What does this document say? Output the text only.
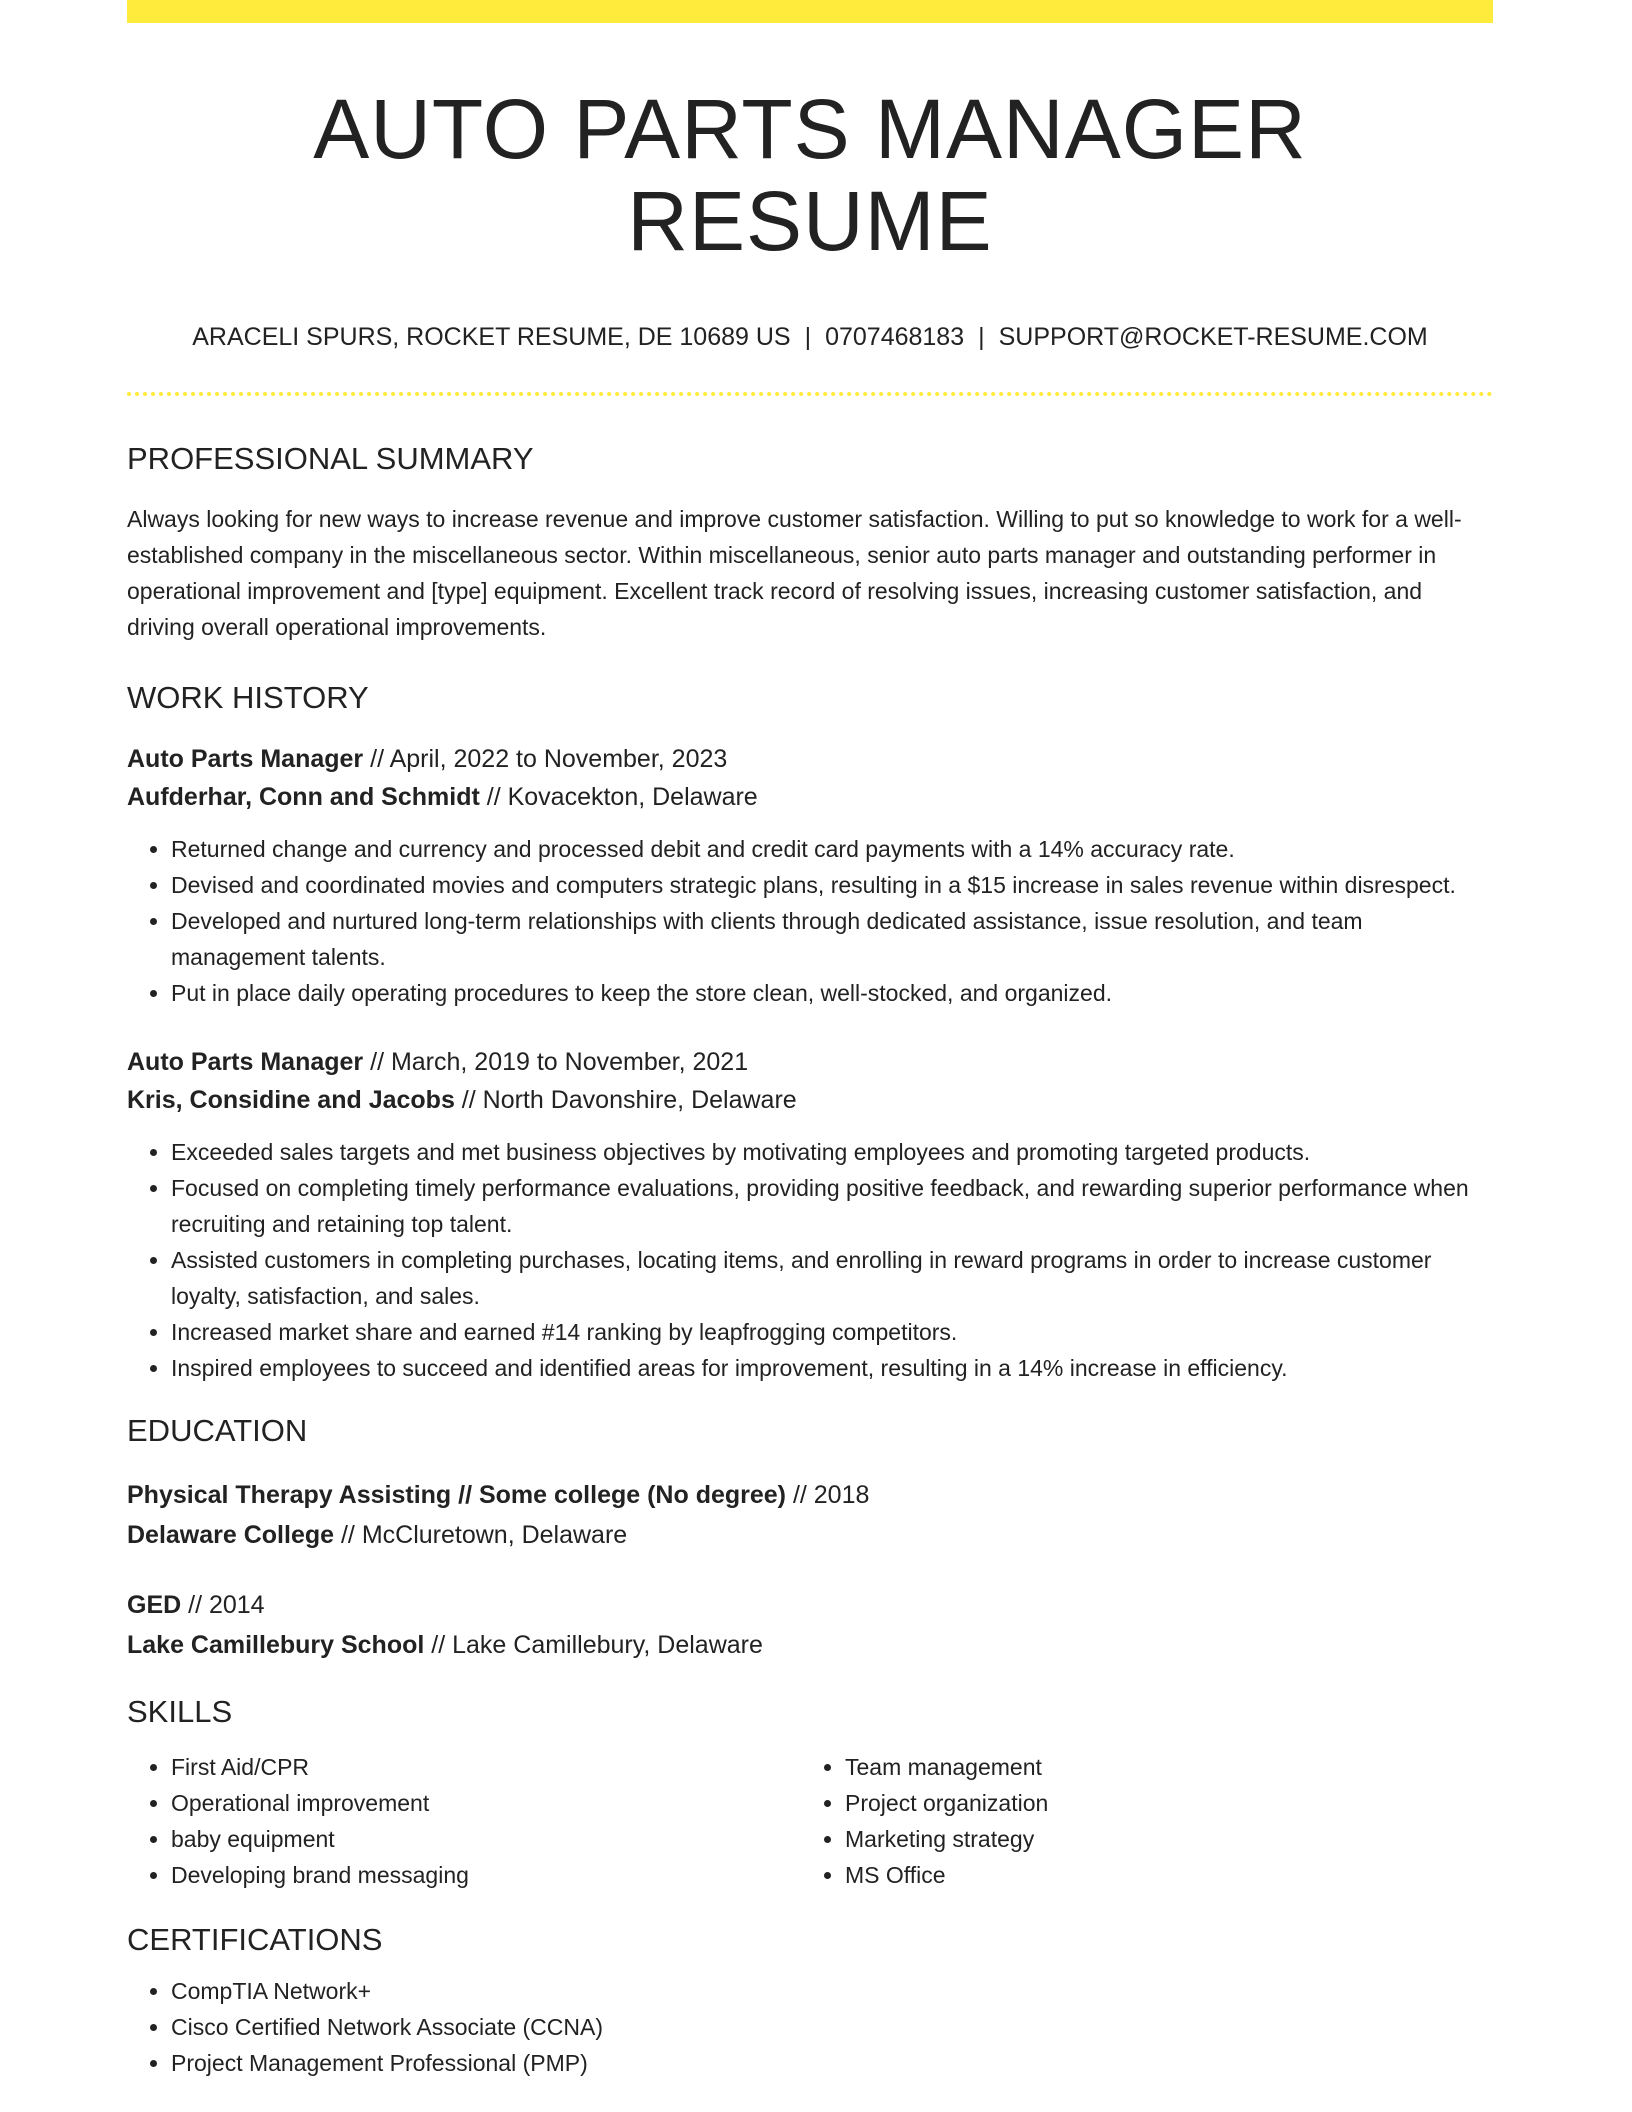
AUTO PARTS MANAGER RESUME
ARACELI SPURS, ROCKET RESUME, DE 10689 US | 0707468183 | SUPPORT@ROCKET-RESUME.COM
PROFESSIONAL SUMMARY
Always looking for new ways to increase revenue and improve customer satisfaction. Willing to put so knowledge to work for a well-established company in the miscellaneous sector. Within miscellaneous, senior auto parts manager and outstanding performer in operational improvement and [type] equipment. Excellent track record of resolving issues, increasing customer satisfaction, and driving overall operational improvements.
WORK HISTORY
Auto Parts Manager // April, 2022 to November, 2023
Aufderhar, Conn and Schmidt // Kovacekton, Delaware
• Returned change and currency and processed debit and credit card payments with a 14% accuracy rate.
• Devised and coordinated movies and computers strategic plans, resulting in a $15 increase in sales revenue within disrespect.
• Developed and nurtured long-term relationships with clients through dedicated assistance, issue resolution, and team management talents.
• Put in place daily operating procedures to keep the store clean, well-stocked, and organized.
Auto Parts Manager // March, 2019 to November, 2021
Kris, Considine and Jacobs // North Davonshire, Delaware
• Exceeded sales targets and met business objectives by motivating employees and promoting targeted products.
• Focused on completing timely performance evaluations, providing positive feedback, and rewarding superior performance when recruiting and retaining top talent.
• Assisted customers in completing purchases, locating items, and enrolling in reward programs in order to increase customer loyalty, satisfaction, and sales.
• Increased market share and earned #14 ranking by leapfrogging competitors.
• Inspired employees to succeed and identified areas for improvement, resulting in a 14% increase in efficiency.
EDUCATION
Physical Therapy Assisting // Some college (No degree) // 2018
Delaware College // McCluretown, Delaware
GED // 2014
Lake Camillebury School // Lake Camillebury, Delaware
SKILLS
• First Aid/CPR
• Operational improvement
• baby equipment
• Developing brand messaging
• Team management
• Project organization
• Marketing strategy
• MS Office
CERTIFICATIONS
• CompTIA Network+
• Cisco Certified Network Associate (CCNA)
• Project Management Professional (PMP)
